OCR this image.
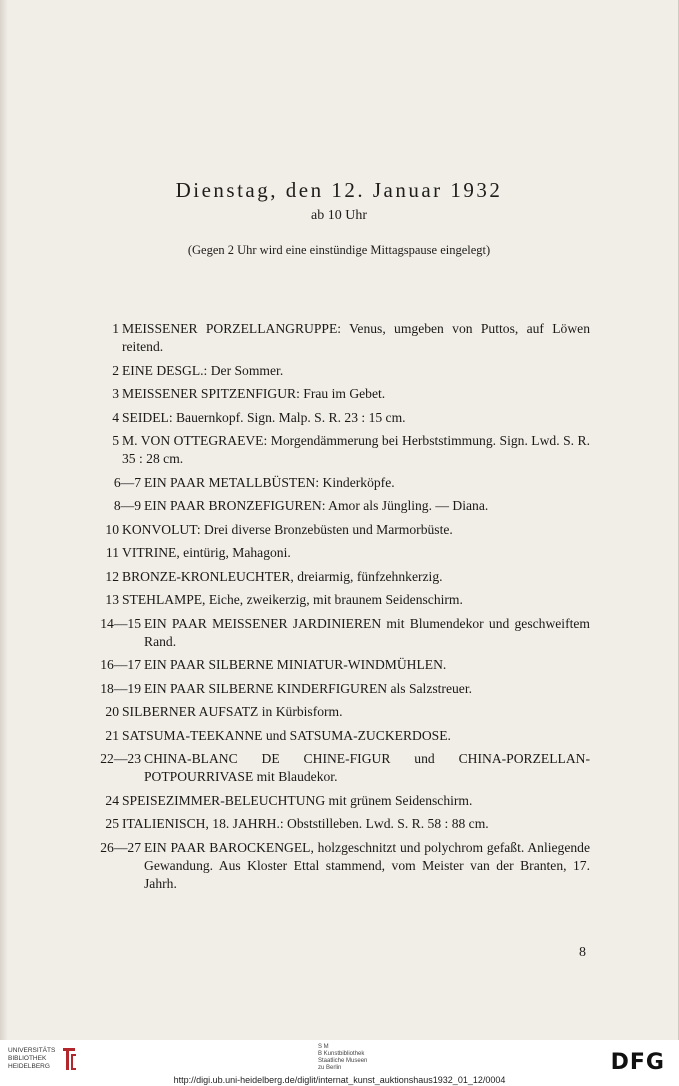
Dienstag, den 12. Januar 1932
ab 10 Uhr
(Gegen 2 Uhr wird eine einstündige Mittagspause eingelegt)
1 MEISSENER PORZELLANGRUPPE: Venus, umgeben von Puttos, auf Löwen reitend.
2 EINE DESGL.: Der Sommer.
3 MEISSENER SPITZENFIGUR: Frau im Gebet.
4 SEIDEL: Bauernkopf. Sign. Malp. S. R. 23 : 15 cm.
5 M. VON OTTEGRAEVE: Morgendämmerung bei Herbststimmung. Sign. Lwd. S. R. 35 : 28 cm.
6—7 EIN PAAR METALLBÜSTEN: Kinderköpfe.
8—9 EIN PAAR BRONZEFIGUREN: Amor als Jüngling. — Diana.
10 KONVOLUT: Drei diverse Bronzebüsten und Marmorbüste.
11 VITRINE, eintürig, Mahagoni.
12 BRONZE-KRONLEUCHTER, dreiarmig, fünfzehnkerzig.
13 STEHLAMPE, Eiche, zweikerzig, mit braunem Seidenschirm.
14—15 EIN PAAR MEISSENER JARDINIEREN mit Blumendekor und geschweiftem Rand.
16—17 EIN PAAR SILBERNE MINIATUR-WINDMÜHLEN.
18—19 EIN PAAR SILBERNE KINDERFIGUREN als Salzstreuer.
20 SILBERNER AUFSATZ in Kürbisform.
21 SATSUMA-TEEKANNE und SATSUMA-ZUCKERDOSE.
22—23 CHINA-BLANC DE CHINE-FIGUR und CHINA-PORZELLAN-POTPOURRIVASE mit Blaudekor.
24 SPEISEZIMMER-BELEUCHTUNG mit grünem Seidenschirm.
25 ITALIENISCH, 18. JAHRH.: Obststilleben. Lwd. S. R. 58 : 88 cm.
26—27 EIN PAAR BAROCKENGEL, holzgeschnitzt und polychrom gefaßt. Anliegende Gewandung. Aus Kloster Ettal stammend, vom Meister van der Branten, 17. Jahrh.
8
UNIVERSITÄTS BIBLIOTHEK HEIDELBERG
S M
B Kunstbibliothek
Staatliche Museen
zu Berlin	DFG
http://digi.ub.uni-heidelberg.de/diglit/internat_kunst_auktionshaus1932_01_12/0004
